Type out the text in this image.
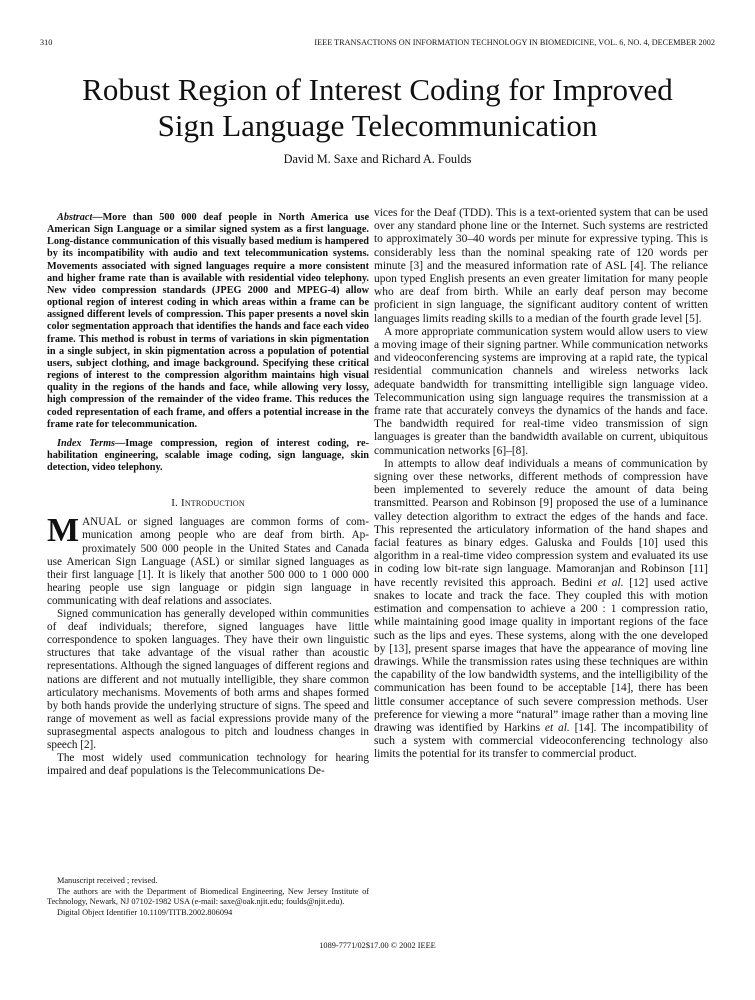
310	IEEE TRANSACTIONS ON INFORMATION TECHNOLOGY IN BIOMEDICINE, VOL. 6, NO. 4, DECEMBER 2002
Robust Region of Interest Coding for Improved
Sign Language Telecommunication
David M. Saxe and Richard A. Foulds

Abstract—More than 500 000 deaf people in North America use American Sign Language or a similar signed system as a first language. Long-distance communication of this visually based medium is hampered by its incompatibility with audio and text telecommunication systems. Movements associated with signed languages require a more consistent and higher frame rate than is available with residential video telephony. New video compression standards (JPEG 2000 and MPEG-4) allow optional region of interest coding in which areas within a frame can be assigned different levels of compression. This paper presents a novel skin color segmentation approach that identifies the hands and face each video frame. This method is robust in terms of variations in skin pigmentation in a single subject, in skin pigmentation across a population of potential users, subject clothing, and image background. Specifying these critical regions of interest to the compression algorithm maintains high visual quality in the regions of the hands and face, while allowing very lossy, high compression of the remainder of the video frame. This reduces the coded representation of each frame, and offers a potential increase in the frame rate for telecommunication.

Index Terms—Image compression, region of interest coding, rehabilitation engineering, scalable image coding, sign language, skin detection, video telephony.

I. Introduction

MANUAL or signed languages are common forms of communication among people who are deaf from birth. Approximately 500 000 people in the United States and Canada use American Sign Language (ASL) or similar signed languages as their first language [1]. It is likely that another 500 000 to 1 000 000 hearing people use sign language or pidgin sign language in communicating with deaf relations and associates.

Signed communication has generally developed within communities of deaf individuals; therefore, signed languages have little correspondence to spoken languages. They have their own linguistic structures that take advantage of the visual rather than acoustic representations. Although the signed languages of different regions and nations are different and not mutually intelligible, they share common articulatory mechanisms. Movements of both arms and shapes formed by both hands provide the underlying structure of signs. The speed and range of movement as well as facial expressions provide many of the suprasegmental aspects analogous to pitch and loudness changes in speech [2].

The most widely used communication technology for hearing impaired and deaf populations is the Telecommunications De-

Manuscript received ; revised.

The authors are with the Department of Biomedical Engineering, New Jersey Institute of Technology, Newark, NJ 07102-1982 USA (e-mail: saxe@oak.njit.edu; foulds@njit.edu).

Digital Object Identifier 10.1109/TITB.2002.806094

vices for the Deaf (TDD). This is a text-oriented system that can be used over any standard phone line or the Internet. Such systems are restricted to approximately 30–40 words per minute for expressive typing. This is considerably less than the nominal speaking rate of 120 words per minute [3] and the measured information rate of ASL [4]. The reliance upon typed English presents an even greater limitation for many people who are deaf from birth. While an early deaf person may become proficient in sign language, the significant auditory content of written languages limits reading skills to a median of the fourth grade level [5].

A more appropriate communication system would allow users to view a moving image of their signing partner. While communication networks and videoconferencing systems are improving at a rapid rate, the typical residential communication channels and wireless networks lack adequate bandwidth for transmitting intelligible sign language video. Telecommunication using sign language requires the transmission at a frame rate that accurately conveys the dynamics of the hands and face. The bandwidth required for real-time video transmission of sign languages is greater than the bandwidth available on current, ubiquitous communication networks [6]–[8].

In attempts to allow deaf individuals a means of communication by signing over these networks, different methods of compression have been implemented to severely reduce the amount of data being transmitted. Pearson and Robinson [9] proposed the use of a luminance valley detection algorithm to extract the edges of the hands and face. This represented the articulatory information of the hand shapes and facial features as binary edges. Galuska and Foulds [10] used this algorithm in a real-time video compression system and evaluated its use in coding low bit-rate sign language. Mamoranjan and Robinson [11] have recently revisited this approach. Bedini et al. [12] used active snakes to locate and track the face. They coupled this with motion estimation and compensation to achieve a 200 : 1 compression ratio, while maintaining good image quality in important regions of the face such as the lips and eyes. These systems, along with the one developed by [13], present sparse images that have the appearance of moving line drawings. While the transmission rates using these techniques are within the capability of the low bandwidth systems, and the intelligibility of the communication has been found to be acceptable [14], there has been little consumer acceptance of such severe compression methods. User preference for viewing a more “natural” image rather than a moving line drawing was identified by Harkins et al. [14]. The incompatibility of such a system with commercial videoconferencing technology also limits the potential for its transfer to commercial product.

1089-7771/02$17.00 © 2002 IEEE
